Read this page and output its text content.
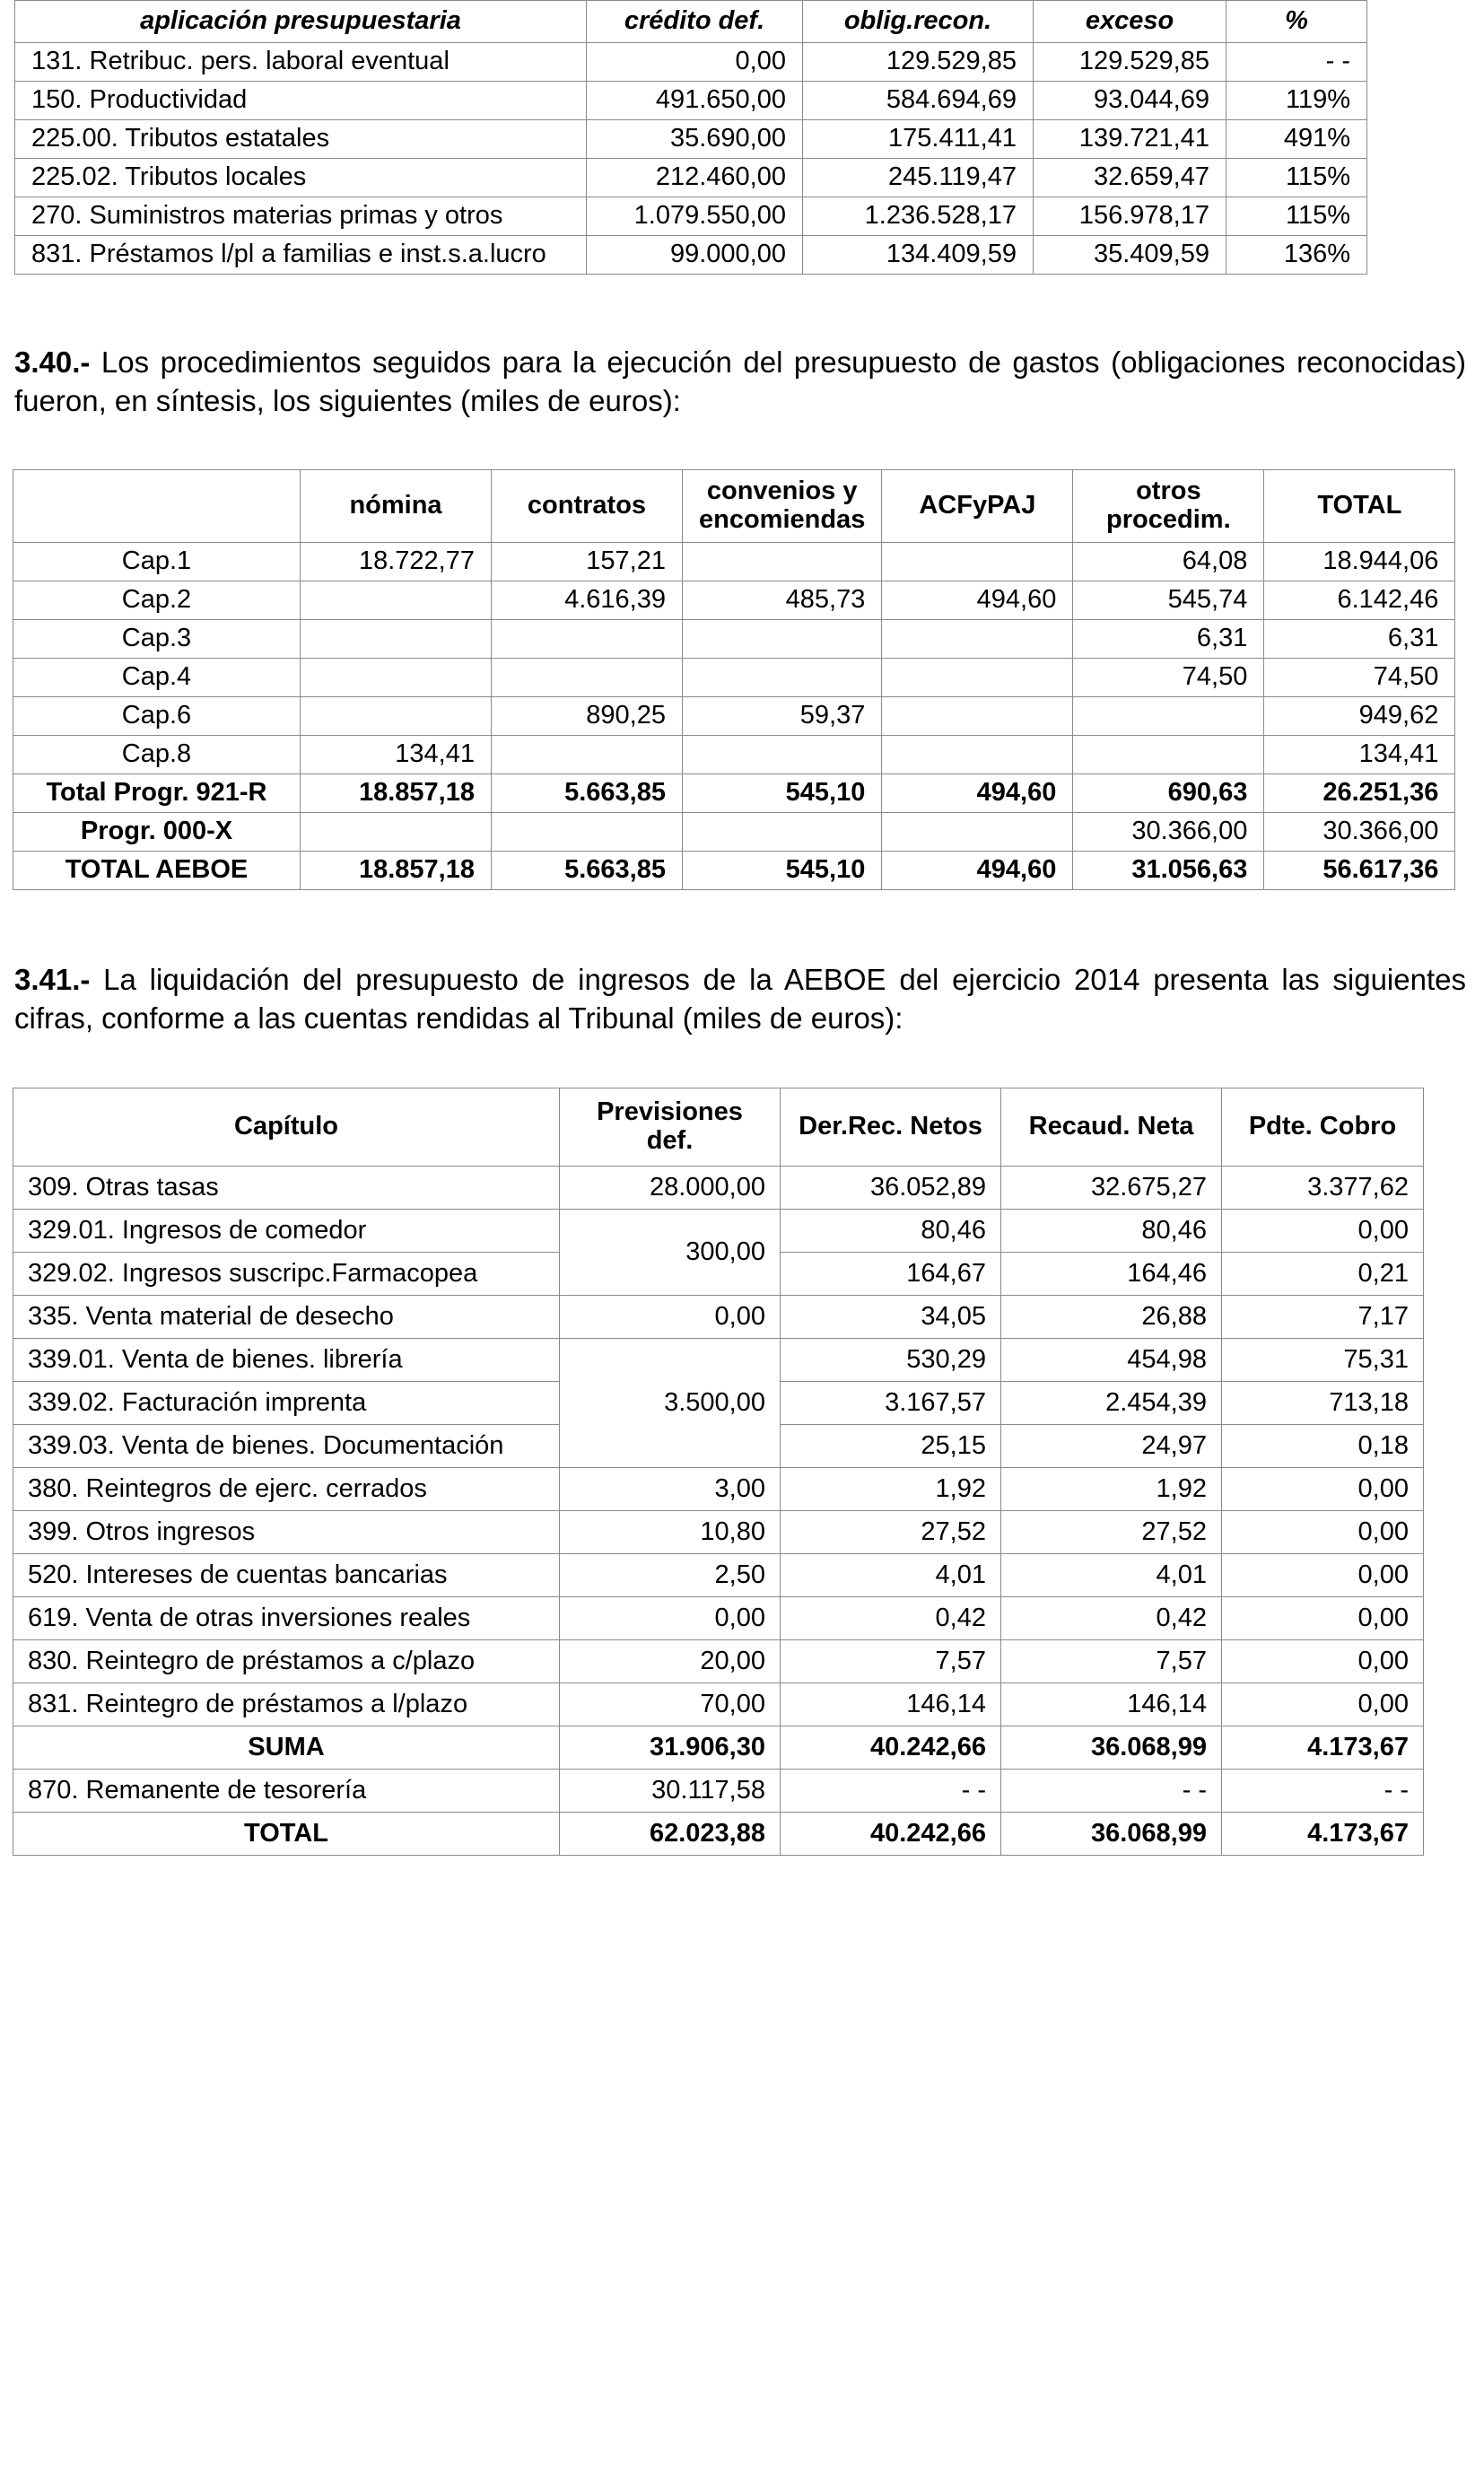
aplicación presupuestaria	crédito def.	oblig.recon.	exceso	%
131. Retribuc. pers. laboral eventual	0,00	129.529,85	129.529,85	- -
150. Productividad	491.650,00	584.694,69	93.044,69	119%
225.00. Tributos estatales	35.690,00	175.411,41	139.721,41	491%
225.02. Tributos locales	212.460,00	245.119,47	32.659,47	115%
270. Suministros materias primas y otros	1.079.550,00	1.236.528,17	156.978,17	115%
831. Préstamos l/pl a familias e inst.s.a.lucro	99.000,00	134.409,59	35.409,59	136%

3.40.- Los procedimientos seguidos para la ejecución del presupuesto de gastos (obligaciones reconocidas) fueron, en síntesis, los siguientes (miles de euros):

	nómina	contratos	convenios y encomiendas	ACFyPAJ	otros procedim.	TOTAL
Cap.1	18.722,77	157,21			64,08	18.944,06
Cap.2		4.616,39	485,73	494,60	545,74	6.142,46
Cap.3					6,31	6,31
Cap.4					74,50	74,50
Cap.6		890,25	59,37			949,62
Cap.8	134,41					134,41
Total Progr. 921-R	18.857,18	5.663,85	545,10	494,60	690,63	26.251,36
Progr. 000-X					30.366,00	30.366,00
TOTAL AEBOE	18.857,18	5.663,85	545,10	494,60	31.056,63	56.617,36

3.41.- La liquidación del presupuesto de ingresos de la AEBOE del ejercicio 2014 presenta las siguientes cifras, conforme a las cuentas rendidas al Tribunal (miles de euros):

Capítulo	Previsiones def.	Der.Rec. Netos	Recaud. Neta	Pdte. Cobro
309. Otras tasas	28.000,00	36.052,89	32.675,27	3.377,62
329.01. Ingresos de comedor	300,00	80,46	80,46	0,00
329.02. Ingresos suscripc.Farmacopea		164,67	164,46	0,21
335. Venta material de desecho	0,00	34,05	26,88	7,17
339.01. Venta de bienes. librería	3.500,00	530,29	454,98	75,31
339.02. Facturación imprenta		3.167,57	2.454,39	713,18
339.03. Venta de bienes. Documentación		25,15	24,97	0,18
380. Reintegros de ejerc. cerrados	3,00	1,92	1,92	0,00
399. Otros ingresos	10,80	27,52	27,52	0,00
520. Intereses de cuentas bancarias	2,50	4,01	4,01	0,00
619. Venta de otras inversiones reales	0,00	0,42	0,42	0,00
830. Reintegro de préstamos a c/plazo	20,00	7,57	7,57	0,00
831. Reintegro de préstamos a l/plazo	70,00	146,14	146,14	0,00
SUMA	31.906,30	40.242,66	36.068,99	4.173,67
870. Remanente de tesorería	30.117,58	- -	- -	- -
TOTAL	62.023,88	40.242,66	36.068,99	4.173,67
